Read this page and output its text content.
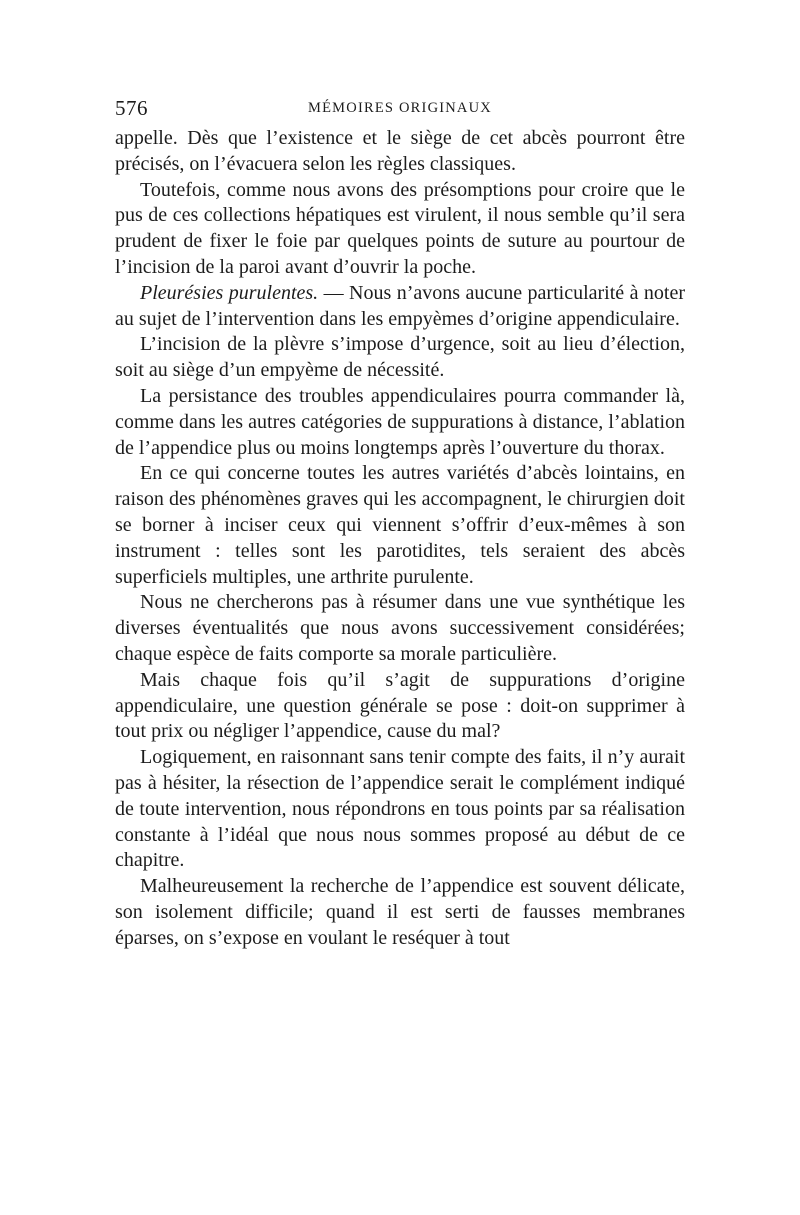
576	MÉMOIRES ORIGINAUX

appelle. Dès que l’existence et le siège de cet abcès pourront être précisés, on l’évacuera selon les règles classiques.

Toutefois, comme nous avons des présomptions pour croire que le pus de ces collections hépatiques est virulent, il nous semble qu’il sera prudent de fixer le foie par quelques points de suture au pourtour de l’incision de la paroi avant d’ouvrir la poche.

Pleurésies purulentes. — Nous n’avons aucune particularité à noter au sujet de l’intervention dans les empyèmes d’origine appendiculaire.

L’incision de la plèvre s’impose d’urgence, soit au lieu d’élection, soit au siège d’un empyème de nécessité.

La persistance des troubles appendiculaires pourra commander là, comme dans les autres catégories de suppurations à distance, l’ablation de l’appendice plus ou moins longtemps après l’ouverture du thorax.

En ce qui concerne toutes les autres variétés d’abcès lointains, en raison des phénomènes graves qui les accompagnent, le chirurgien doit se borner à inciser ceux qui viennent s’offrir d’eux-mêmes à son instrument : telles sont les parotidites, tels seraient des abcès superficiels multiples, une arthrite purulente.

Nous ne chercherons pas à résumer dans une vue synthétique les diverses éventualités que nous avons successivement considérées; chaque espèce de faits comporte sa morale particulière.

Mais chaque fois qu’il s’agit de suppurations d’origine appendiculaire, une question générale se pose : doit-on supprimer à tout prix ou négliger l’appendice, cause du mal?

Logiquement, en raisonnant sans tenir compte des faits, il n’y aurait pas à hésiter, la résection de l’appendice serait le complément indiqué de toute intervention, nous répondrons en tous points par sa réalisation constante à l’idéal que nous nous sommes proposé au début de ce chapitre.

Malheureusement la recherche de l’appendice est souvent délicate, son isolement difficile; quand il est serti de fausses membranes éparses, on s’expose en voulant le reséquer à tout
